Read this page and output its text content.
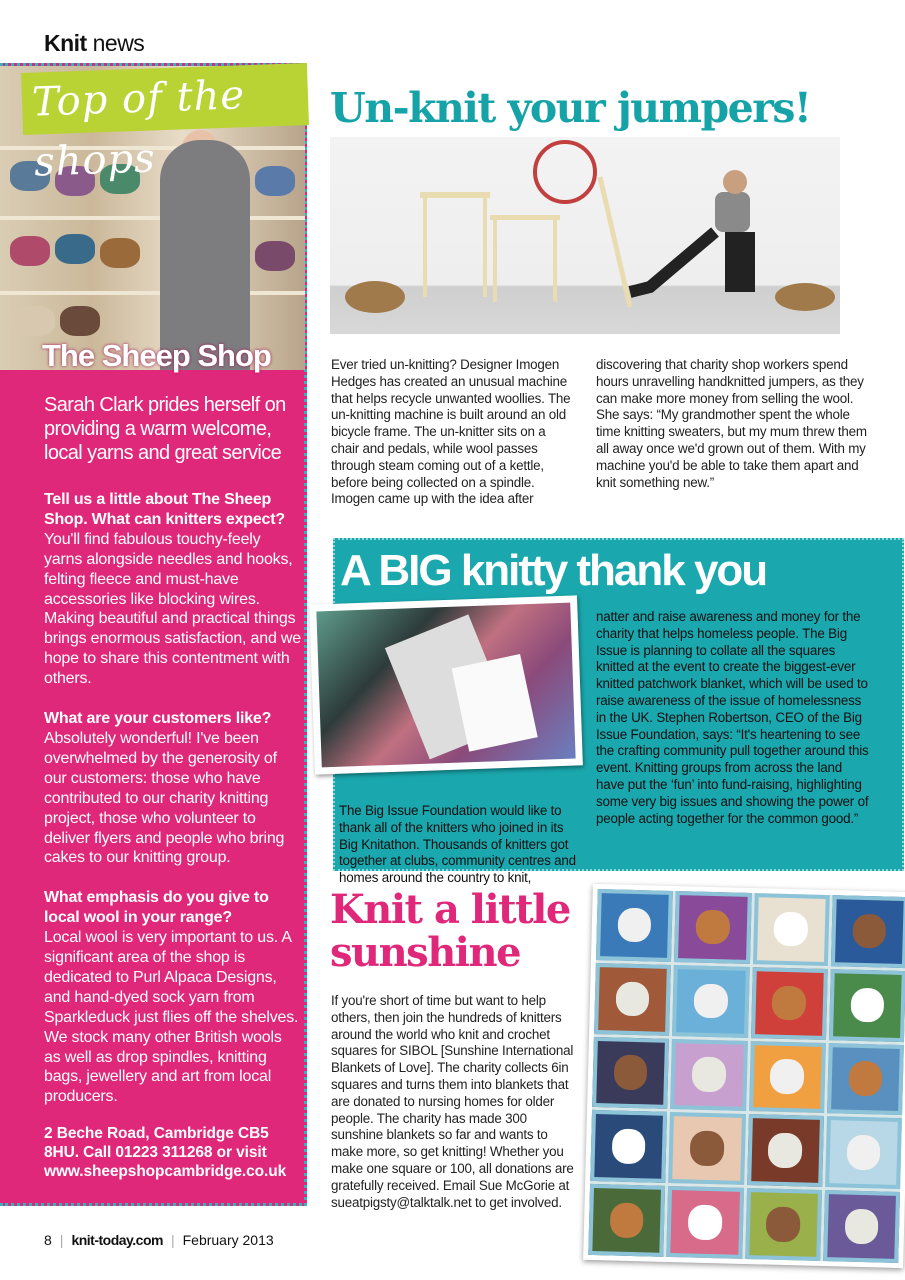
Knit news
Top of the shops
The Sheep Shop
Sarah Clark prides herself on providing a warm welcome, local yarns and great service

Tell us a little about The Sheep Shop. What can knitters expect?
You'll find fabulous touchy-feely yarns alongside needles and hooks, felting fleece and must-have accessories like blocking wires. Making beautiful and practical things brings enormous satisfaction, and we hope to share this contentment with others.

What are your customers like?
Absolutely wonderful! I've been overwhelmed by the generosity of our customers: those who have contributed to our charity knitting project, those who volunteer to deliver flyers and people who bring cakes to our knitting group.

What emphasis do you give to local wool in your range?
Local wool is very important to us. A significant area of the shop is dedicated to Purl Alpaca Designs, and hand-dyed sock yarn from Sparkleduck just flies off the shelves. We stock many other British wools as well as drop spindles, knitting bags, jewellery and art from local producers.

2 Beche Road, Cambridge CB5 8HU. Call 01223 311268 or visit www.sheepshopcambridge.co.uk
Un-knit your jumpers!
Ever tried un-knitting? Designer Imogen Hedges has created an unusual machine that helps recycle unwanted woollies. The un-knitting machine is built around an old bicycle frame. The un-knitter sits on a chair and pedals, while wool passes through steam coming out of a kettle, before being collected on a spindle. Imogen came up with the idea after
discovering that charity shop workers spend hours unravelling handknitted jumpers, as they can make more money from selling the wool. She says: “My grandmother spent the whole time knitting sweaters, but my mum threw them all away once we'd grown out of them. With my machine you'd be able to take them apart and knit something new.”
A BIG knitty thank you
The Big Issue Foundation would like to thank all of the knitters who joined in its Big Knitathon. Thousands of knitters got together at clubs, community centres and homes around the country to knit,
natter and raise awareness and money for the charity that helps homeless people. The Big Issue is planning to collate all the squares knitted at the event to create the biggest-ever knitted patchwork blanket, which will be used to raise awareness of the issue of homelessness in the UK. Stephen Robertson, CEO of the Big Issue Foundation, says: “It's heartening to see the crafting community pull together around this event. Knitting groups from across the land have put the ‘fun’ into fund-raising, highlighting some very big issues and showing the power of people acting together for the common good.”
Knit a little sunshine
If you're short of time but want to help others, then join the hundreds of knitters around the world who knit and crochet squares for SIBOL [Sunshine International Blankets of Love]. The charity collects 6in squares and turns them into blankets that are donated to nursing homes for older people. The charity has made 300 sunshine blankets so far and wants to make more, so get knitting! Whether you make one square or 100, all donations are gratefully received. Email Sue McGorie at sueatpigsty@talktalk.net to get involved.
8 | knit-today.com | February 2013
